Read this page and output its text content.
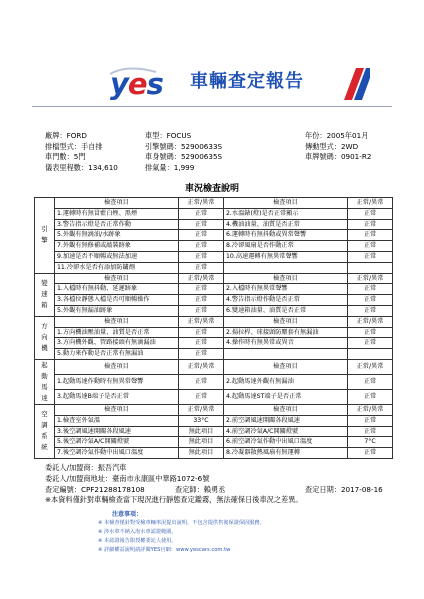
yes 車輛查定報告
廠牌：FORD	車型：FOCUS	年份：2005年01月
排檔型式：手自排	引擎號碼：52900633S	傳動型式：2WD
車門數：5門	車身號碼：52900635S	車牌號碼：0901-R2
儀表里程數：134,610	排氣量：1,999
車況檢查說明
引擎	檢查項目	正常/異常	檢查項目	正常/異常
	1.運轉時有無冒藍白煙、黑煙	正常	2.水溫錶(燈)是否正常顯示	正常
	3.警告指示燈是否正常作動	正常	4.機油油量、油質是否正常	正常
	5.外觀有無滴油/水跡象	正常	6.運轉時有無抖動或異常聲響	正常
	7.外觀有無修補或敲裝跡象	正常	8.冷卻風扇是否作動正常	正常
	9.加速是否不順暢或無法加速	正常	10.高速運轉有無異常聲響	正常
	11.冷卻水是否有添加防鏽劑	正常		
變速箱	檢查項目	正常/異常	檢查項目	正常/異常
	1.入檔時有無抖動、延遲跡象	正常	2.入檔時有無異常聲響	正常
	3.各檔位靜態入檔是否可順暢操作	正常	4.警告指示燈作動是否正常	正常
	5.外觀有無漏油跡象	正常	6.變速箱油量、油質是否正常	正常
方向機	檢查項目	正常/異常	檢查項目	正常/異常
	1.方向機油壓油量、油質是否正常	正常	2.揚拉桿、球接頭防塵套有無漏油	正常
	3.方向機外觀、管路接頭有無滴漏油	正常	4.操作時有無異常或異音	正常
	5.動力來作動是否正常有無漏油	正常		
起動馬達	檢查項目	正常/異常	檢查項目	正常/異常
	1.起動馬達作動時有無異常聲響	正常	2.起動馬達外觀有無漏油	正常
	3.起動馬達B端子是否正常	正常	4.起動馬達ST端子是否正常	正常
空調系統	檢查項目	正常/異常	檢查項目	正常/異常
	1.檢查室外氣溫	33°C	2.前空調風速開關各段風速	正常
	3.後空調風速開關各段風速	無此項目	4.前空調冷氣A/C開關燈號	正常
	5.後空調冷氣A/C開關燈號	無此項目	6.前空調冷氣作動中出風口溫度	7°C
	7.後空調冷氣作動中出風口溫度	無此項目	8.冷凝器散熱風扇有無運轉	正常
委託人/加盟商：振吾汽車
委託人/加盟商地址：臺南市永康區中華路1072-6號
查定編號：CPF21288178108	查定師：賴勇丞	查定日期：2017-08-16
※本資料僅針對車輛檢查當下現況進行靜態查定鑑霧，無法確保日後車況之差異。
注意事項：
※ 本檢查僅針對受檢車輛車況提出說明，不包含提供售後保證保固服務。
※ 涉水車不納入泡水車認證範圍。
※ 本認證報告限授權委託人使用。
※ 詳細權益說明請詳閱YES官網：www.yescars.com.tw
